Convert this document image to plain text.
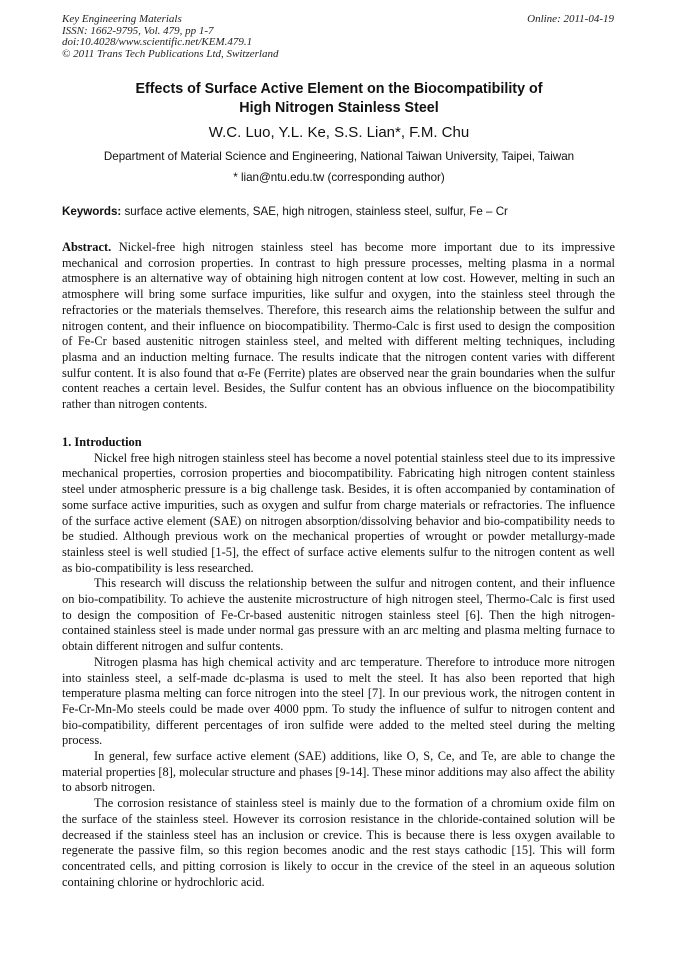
Key Engineering Materials
ISSN: 1662-9795, Vol. 479, pp 1-7
doi:10.4028/www.scientific.net/KEM.479.1
© 2011 Trans Tech Publications Ltd, Switzerland
Online: 2011-04-19
Effects of Surface Active Element on the Biocompatibility of
High Nitrogen Stainless Steel
W.C. Luo, Y.L. Ke, S.S. Lian*, F.M. Chu
Department of Material Science and Engineering, National Taiwan University, Taipei, Taiwan
* lian@ntu.edu.tw (corresponding author)
Keywords: surface active elements, SAE, high nitrogen, stainless steel, sulfur, Fe – Cr

Abstract. Nickel-free high nitrogen stainless steel has become more important due to its impressive mechanical and corrosion properties. In contrast to high pressure processes, melting plasma in a normal atmosphere is an alternative way of obtaining high nitrogen content at low cost. However, melting in such an atmosphere will bring some surface impurities, like sulfur and oxygen, into the stainless steel through the refractories or the materials themselves. Therefore, this research aims the relationship between the sulfur and nitrogen content, and their influence on biocompatibility. Thermo-Calc is first used to design the composition of Fe-Cr based austenitic nitrogen stainless steel, and melted with different melting techniques, including plasma and an induction melting furnace. The results indicate that the nitrogen content varies with different sulfur content. It is also found that α-Fe (Ferrite) plates are observed near the grain boundaries when the sulfur content reaches a certain level. Besides, the Sulfur content has an obvious influence on the biocompatibility rather than nitrogen contents.

1. Introduction

Nickel free high nitrogen stainless steel has become a novel potential stainless steel due to its impressive mechanical properties, corrosion properties and biocompatibility. Fabricating high nitrogen content stainless steel under atmospheric pressure is a big challenge task. Besides, it is often accompanied by contamination of some surface active impurities, such as oxygen and sulfur from charge materials or refractories. The influence of the surface active element (SAE) on nitrogen absorption/dissolving behavior and bio-compatibility needs to be studied. Although previous work on the mechanical properties of wrought or powder metallurgy-made stainless steel is well studied [1-5], the effect of surface active elements sulfur to the nitrogen content as well as bio-compatibility is less researched.

This research will discuss the relationship between the sulfur and nitrogen content, and their influence on bio-compatibility. To achieve the austenite microstructure of high nitrogen steel, Thermo-Calc is first used to design the composition of Fe-Cr-based austenitic nitrogen stainless steel [6]. Then the high nitrogen-contained stainless steel is made under normal gas pressure with an arc melting and plasma melting furnace to obtain different nitrogen and sulfur contents.

Nitrogen plasma has high chemical activity and arc temperature. Therefore to introduce more nitrogen into stainless steel, a self-made dc-plasma is used to melt the steel. It has also been reported that high temperature plasma melting can force nitrogen into the steel [7]. In our previous work, the nitrogen content in Fe-Cr-Mn-Mo steels could be made over 4000 ppm. To study the influence of sulfur to nitrogen content and bio-compatibility, different percentages of iron sulfide were added to the melted steel during the melting process.

In general, few surface active element (SAE) additions, like O, S, Ce, and Te, are able to change the material properties [8], molecular structure and phases [9-14]. These minor additions may also affect the ability to absorb nitrogen.

The corrosion resistance of stainless steel is mainly due to the formation of a chromium oxide film on the surface of the stainless steel. However its corrosion resistance in the chloride-contained solution will be decreased if the stainless steel has an inclusion or crevice. This is because there is less oxygen available to regenerate the passive film, so this region becomes anodic and the rest stays cathodic [15]. This will form concentrated cells, and pitting corrosion is likely to occur in the crevice of the steel in an aqueous solution containing chlorine or hydrochloric acid.
